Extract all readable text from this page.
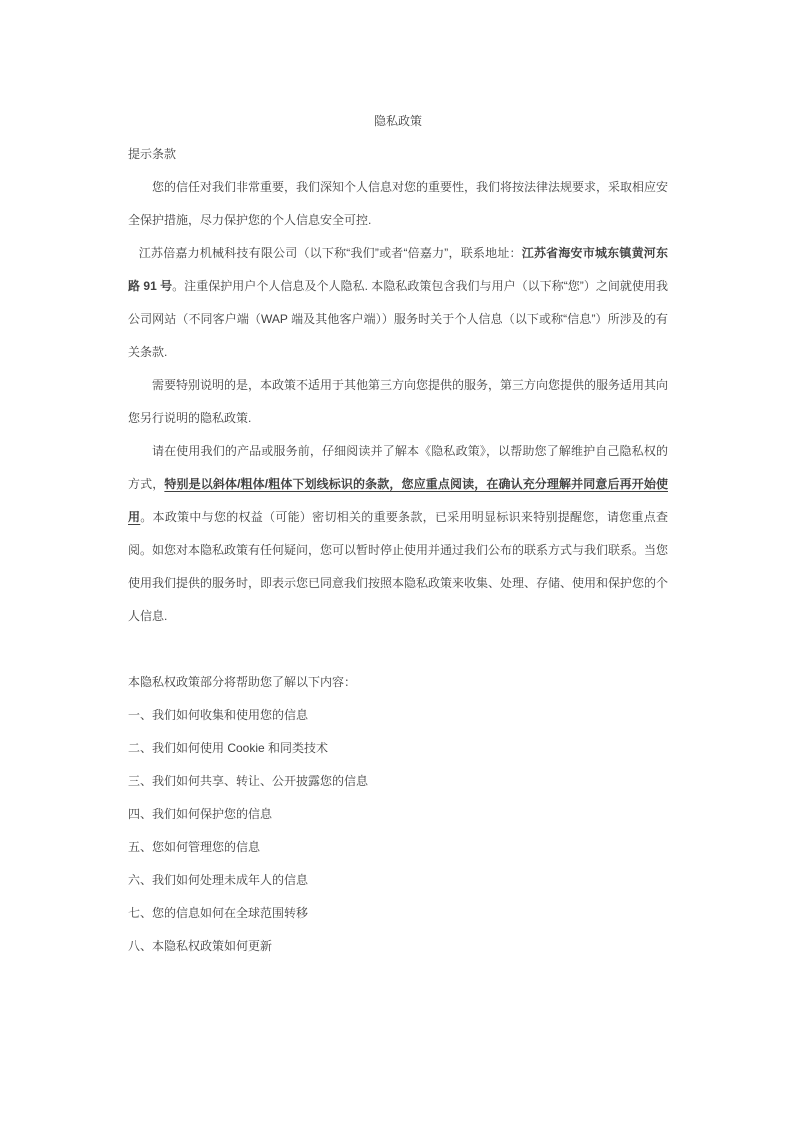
隐私政策

提示条款

您的信任对我们非常重要，我们深知个人信息对您的重要性，我们将按法律法规要求，采取相应安全保护措施，尽力保护您的个人信息安全可控.

江苏倍嘉力机械科技有限公司（以下称“我们”或者“倍嘉力”，联系地址：江苏省海安市城东镇黄河东路 91 号。注重保护用户个人信息及个人隐私. 本隐私政策包含我们与用户（以下称“您”）之间就使用我公司网站（不同客户端（WAP 端及其他客户端））服务时关于个人信息（以下或称“信息”）所涉及的有关条款.

需要特别说明的是，本政策不适用于其他第三方向您提供的服务，第三方向您提供的服务适用其向您另行说明的隐私政策.

请在使用我们的产品或服务前，仔细阅读并了解本《隐私政策》，以帮助您了解维护自己隐私权的方式，特别是以斜体/粗体/粗体下划线标识的条款，您应重点阅读，在确认充分理解并同意后再开始使用。本政策中与您的权益（可能）密切相关的重要条款，已采用明显标识来特别提醒您，请您重点查阅。如您对本隐私政策有任何疑问，您可以暂时停止使用并通过我们公布的联系方式与我们联系。当您使用我们提供的服务时，即表示您已同意我们按照本隐私政策来收集、处理、存储、使用和保护您的个人信息.

本隐私权政策部分将帮助您了解以下内容：

一、我们如何收集和使用您的信息
二、我们如何使用 Cookie 和同类技术
三、我们如何共享、转让、公开披露您的信息
四、我们如何保护您的信息
五、您如何管理您的信息
六、我们如何处理未成年人的信息
七、您的信息如何在全球范围转移
八、本隐私权政策如何更新
